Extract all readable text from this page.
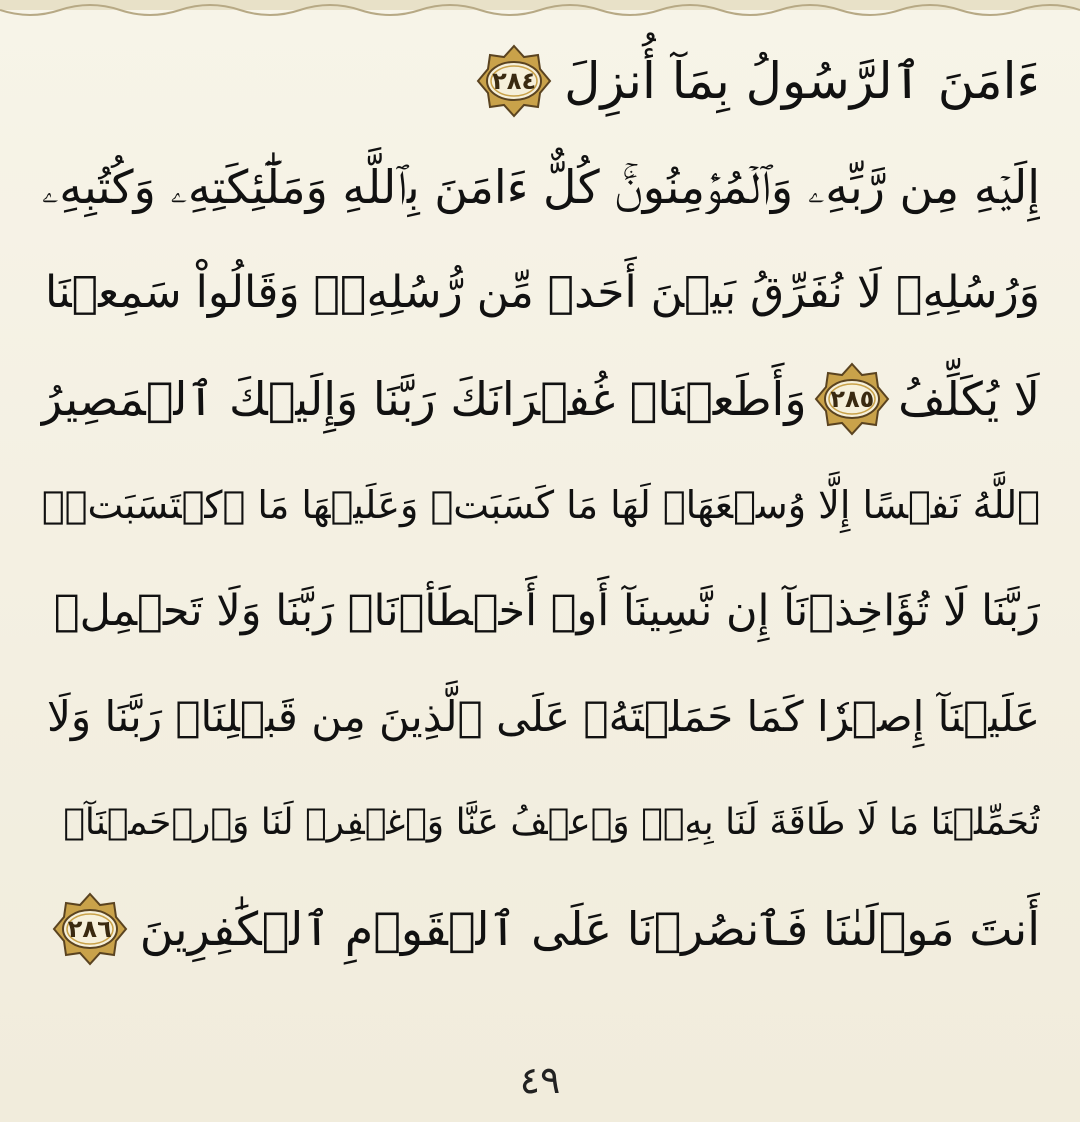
ءَامَنَ ٱلرَّسُولُ بِمَآ أُنزِلَ
٢٨٤
إِلَيۡهِ مِن رَّبِّهِۦ وَٱلۡمُؤۡمِنُونَۚ كُلٌّ ءَامَنَ بِٱللَّهِ وَمَلَٰٓئِكَتِهِۦ وَكُتُبِهِۦ
وَرُسُلِهِۦ لَا نُفَرِّقُ بَيۡنَ أَحَدٖ مِّن رُّسُلِهِۦۚ وَقَالُواْ سَمِعۡنَا
لَا يُكَلِّفُ
٢٨٥
وَأَطَعۡنَاۖ غُفۡرَانَكَ رَبَّنَا وَإِلَيۡكَ ٱلۡمَصِيرُ
ٱللَّهُ نَفۡسًا إِلَّا وُسۡعَهَاۚ لَهَا مَا كَسَبَتۡ وَعَلَيۡهَا مَا ٱكۡتَسَبَتۡۗ
رَبَّنَا لَا تُؤَاخِذۡنَآ إِن نَّسِينَآ أَوۡ أَخۡطَأۡنَاۚ رَبَّنَا وَلَا تَحۡمِلۡ
عَلَيۡنَآ إِصۡرٗا كَمَا حَمَلۡتَهُۥ عَلَى ٱلَّذِينَ مِن قَبۡلِنَاۚ رَبَّنَا وَلَا
تُحَمِّلۡنَا مَا لَا طَاقَةَ لَنَا بِهِۦۖ وَٱعۡفُ عَنَّا وَٱغۡفِرۡ لَنَا وَٱرۡحَمۡنَآۚ
أَنتَ مَوۡلَىٰنَا فَٱنصُرۡنَا عَلَى ٱلۡقَوۡمِ ٱلۡكَٰفِرِينَ
٢٨٦
٤٩
